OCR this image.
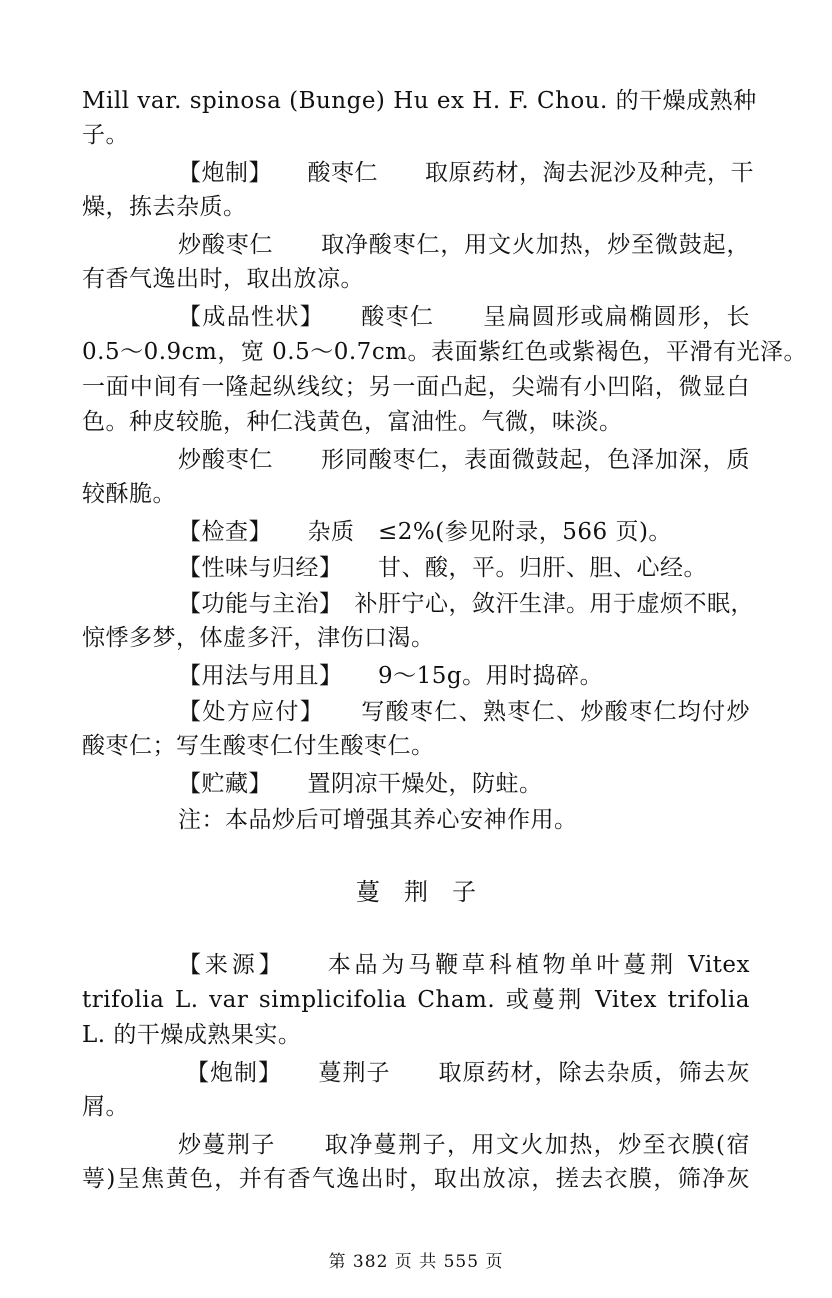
Mill var. spinosa (Bunge) Hu ex H. F. Chou. 的干燥成熟种
子。
【炮制】　　酸枣仁　　取原药材，淘去泥沙及种壳，干
燥，拣去杂质。
炒酸枣仁　　取净酸枣仁，用文火加热，炒至微鼓起，
有香气逸出时，取出放凉。
【成品性状】　　酸枣仁　　呈扁圆形或扁椭圆形，长
0.5～0.9cm，宽 0.5～0.7cm。表面紫红色或紫褐色，平滑有光泽。
一面中间有一隆起纵线纹；另一面凸起，尖端有小凹陷，微显白
色。种皮较脆，种仁浅黄色，富油性。气微，味淡。
炒酸枣仁　　形同酸枣仁，表面微鼓起，色泽加深，质
较酥脆。
【检查】　　杂质　≤2%(参见附录，566 页)。
【性味与归经】　　甘、酸，平。归肝、胆、心经。
【功能与主治】　补肝宁心，敛汗生津。用于虚烦不眠，
惊悸多梦，体虚多汗，津伤口渴。
【用法与用且】　　9～15g。用时捣碎。
【处方应付】　　写酸枣仁、熟枣仁、炒酸枣仁均付炒
酸枣仁；写生酸枣仁付生酸枣仁。
【贮藏】　　置阴凉干燥处，防蛀。
注：本品炒后可增强其养心安神作用。
蔓荆子
【来源】　　本品为马鞭草科植物单叶蔓荆 Vitex
trifolia L. var simplicifolia Cham. 或蔓荆 Vitex trifolia
L. 的干燥成熟果实。
【炮制】　　蔓荆子　　取原药材，除去杂质，筛去灰
屑。
炒蔓荆子　　取净蔓荆子，用文火加热，炒至衣膜(宿
萼)呈焦黄色，并有香气逸出时，取出放凉，搓去衣膜，筛净灰
第 382 页 共 555 页
